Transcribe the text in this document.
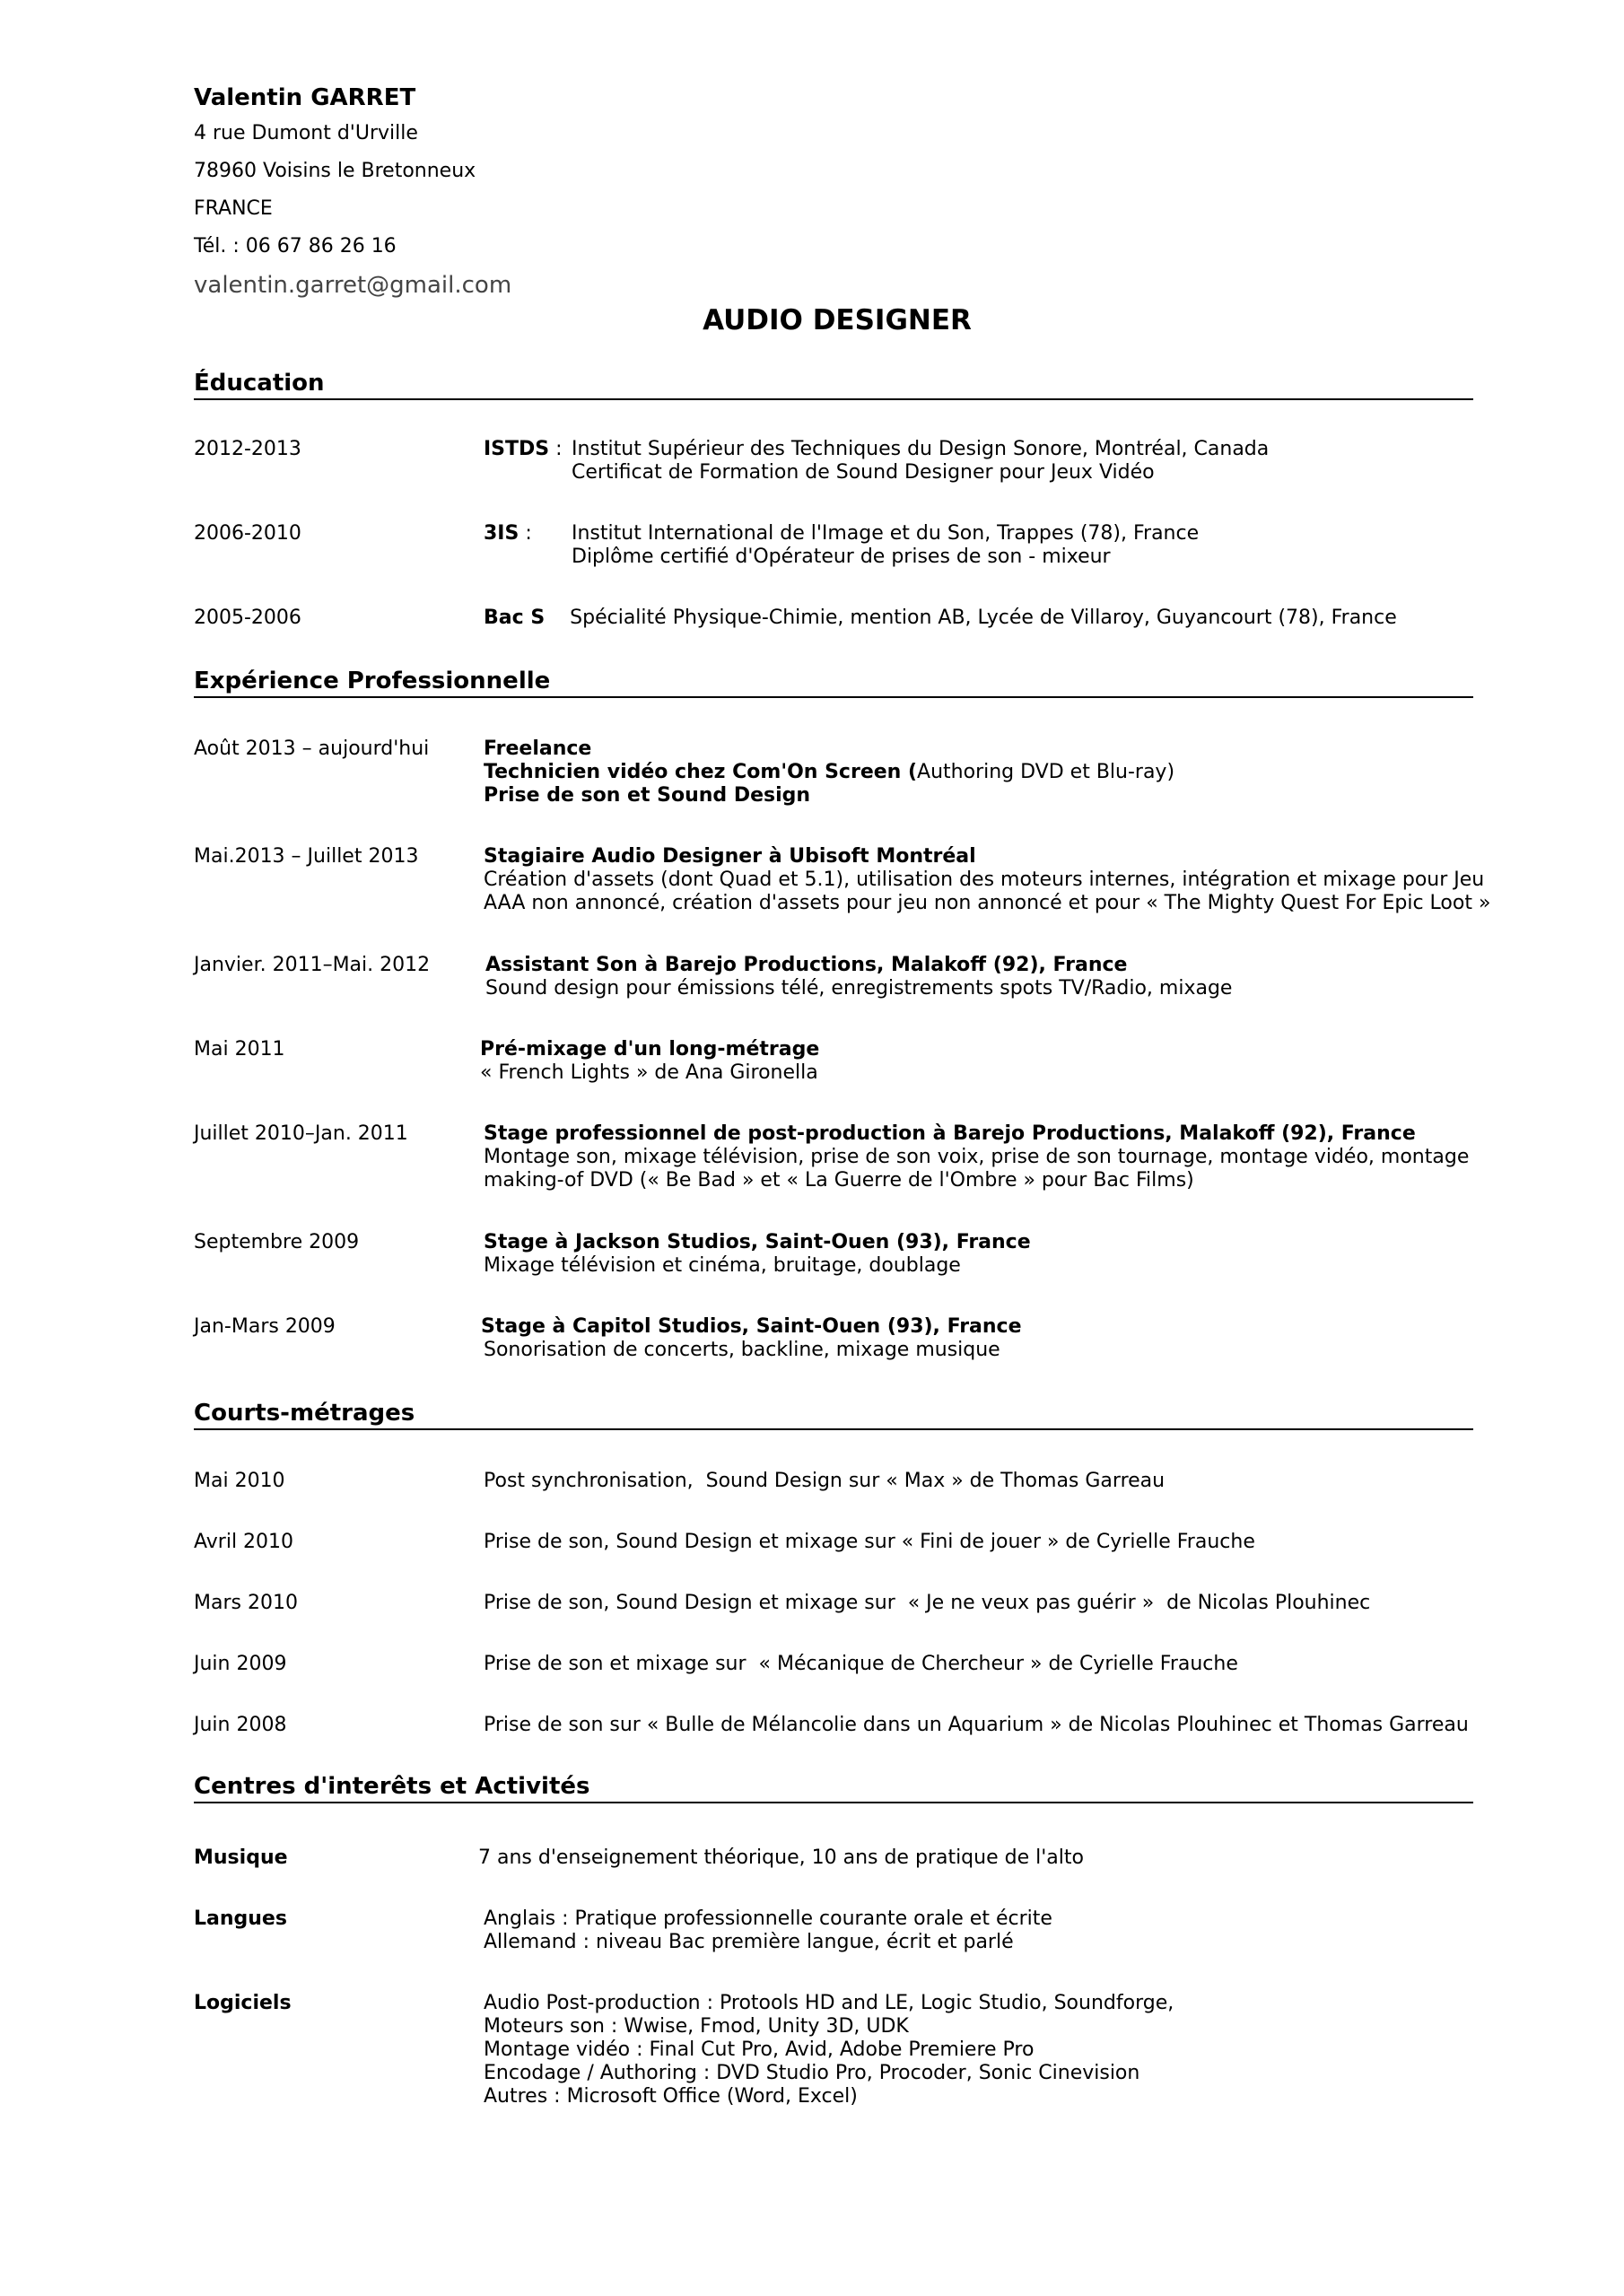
Valentin GARRET
4 rue Dumont d'Urville
78960 Voisins le Bretonneux
FRANCE
Tél. : 06 67 86 26 16
valentin.garret@gmail.com
AUDIO DESIGNER
Éducation
2012-2013	ISTDS : Institut Supérieur des Techniques du Design Sonore, Montréal, Canada
Certificat de Formation de Sound Designer pour Jeux Vidéo
2006-2010	3IS : Institut International de l'Image et du Son, Trappes (78), France
Diplôme certifié d'Opérateur de prises de son - mixeur
2005-2006	Bac S Spécialité Physique-Chimie, mention AB, Lycée de Villaroy, Guyancourt (78), France
Expérience Professionnelle
Août 2013 – aujourd'hui	Freelance
Technicien vidéo chez Com'On Screen (Authoring DVD et Blu-ray)
Prise de son et Sound Design
Mai.2013 – Juillet 2013	Stagiaire Audio Designer à Ubisoft Montréal
Création d'assets (dont Quad et 5.1), utilisation des moteurs internes, intégration et mixage pour Jeu
AAA non annoncé, création d'assets pour jeu non annoncé et pour « The Mighty Quest For Epic Loot »
Janvier. 2011–Mai. 2012	Assistant Son à Barejo Productions, Malakoff (92), France
Sound design pour émissions télé, enregistrements spots TV/Radio, mixage
Mai 2011	Pré-mixage d'un long-métrage
« French Lights » de Ana Gironella
Juillet 2010–Jan. 2011	Stage professionnel de post-production à Barejo Productions, Malakoff (92), France
Montage son, mixage télévision, prise de son voix, prise de son tournage, montage vidéo, montage
making-of DVD (« Be Bad » et « La Guerre de l'Ombre » pour Bac Films)
Septembre 2009	Stage à Jackson Studios, Saint-Ouen (93), France
Mixage télévision et cinéma, bruitage, doublage
Jan-Mars 2009	Stage à Capitol Studios, Saint-Ouen (93), France
Sonorisation de concerts, backline, mixage musique
Courts-métrages
Mai 2010	Post synchronisation,  Sound Design sur « Max » de Thomas Garreau
Avril 2010	Prise de son, Sound Design et mixage sur « Fini de jouer » de Cyrielle Frauche
Mars 2010	Prise de son, Sound Design et mixage sur  « Je ne veux pas guérir »  de Nicolas Plouhinec
Juin 2009	Prise de son et mixage sur  « Mécanique de Chercheur » de Cyrielle Frauche
Juin 2008	Prise de son sur « Bulle de Mélancolie dans un Aquarium » de Nicolas Plouhinec et Thomas Garreau
Centres d'interêts et Activités
Musique	7 ans d'enseignement théorique, 10 ans de pratique de l'alto
Langues	Anglais : Pratique professionnelle courante orale et écrite
Allemand : niveau Bac première langue, écrit et parlé
Logiciels	Audio Post-production : Protools HD and LE, Logic Studio, Soundforge,
Moteurs son : Wwise, Fmod, Unity 3D, UDK
Montage vidéo : Final Cut Pro, Avid, Adobe Premiere Pro
Encodage / Authoring : DVD Studio Pro, Procoder, Sonic Cinevision
Autres : Microsoft Office (Word, Excel)
